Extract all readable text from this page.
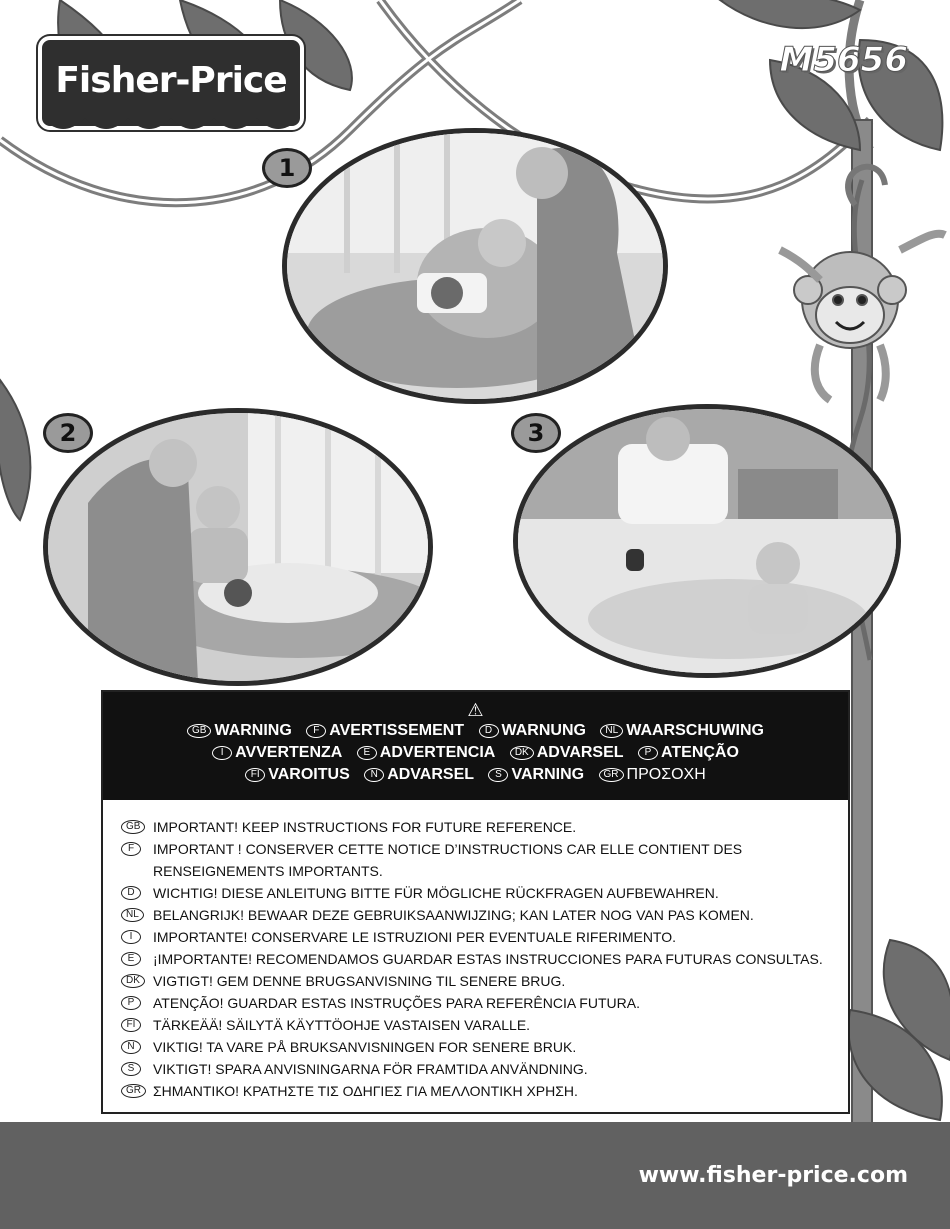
Fisher-Price	M5656
1
2	3
⚠
GB WARNING F AVERTISSEMENT D WARNUNG NL WAARSCHUWING
I AVVERTENZA E ADVERTENCIA DK ADVARSEL P ATENÇÃO
FI VAROITUS N ADVARSEL S VARNING GR ΠΡΟΣΟΧΗ
GB IMPORTANT! KEEP INSTRUCTIONS FOR FUTURE REFERENCE.
F	IMPORTANT ! CONSERVER CETTE NOTICE D’INSTRUCTIONS CAR ELLE CONTIENT DES
RENSEIGNEMENTS IMPORTANTS.
D	WICHTIG! DIESE ANLEITUNG BITTE FÜR MÖGLICHE RÜCKFRAGEN AUFBEWAHREN.
NL	BELANGRIJK! BEWAAR DEZE GEBRUIKSAANWIJZING; KAN LATER NOG VAN PAS KOMEN.
I	IMPORTANTE! CONSERVARE LE ISTRUZIONI PER EVENTUALE RIFERIMENTO.
E	¡IMPORTANTE! RECOMENDAMOS GUARDAR ESTAS INSTRUCCIONES PARA FUTURAS CONSULTAS.
DK VIGTIGT! GEM DENNE BRUGSANVISNING TIL SENERE BRUG.
P	ATENÇÃO! GUARDAR ESTAS INSTRUÇÕES PARA REFERÊNCIA FUTURA.
FI	TÄRKEÄÄ! SÄILYTÄ KÄYTTÖOHJE VASTAISEN VARALLE.
N	VIKTIG! TA VARE PÅ BRUKSANVISNINGEN FOR SENERE BRUK.
S	VIKTIGT! SPARA ANVISNINGARNA FÖR FRAMTIDA ANVÄNDNING.
GR ΣΗΜΑΝΤΙΚΟ! ΚΡΑΤΗΣΤΕ ΤΙΣ ΟΔΗΓΙΕΣ ΓΙΑ ΜΕΛΛΟΝΤΙΚΗ ΧΡΗΣΗ.
www.fisher-price.com
